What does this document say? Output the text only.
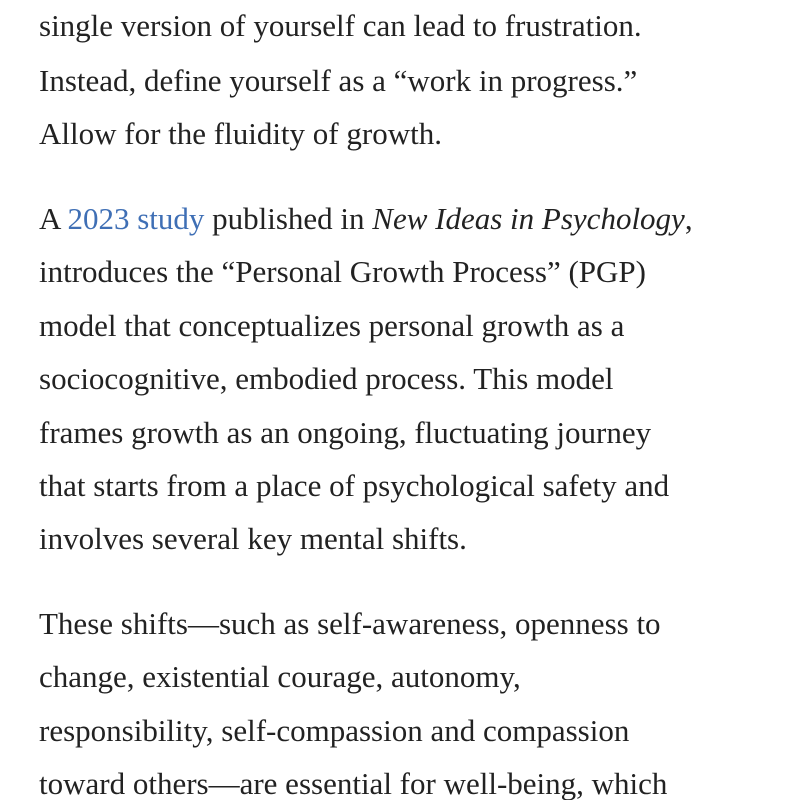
single version of yourself can lead to frustration.
Instead, define yourself as a “work in progress.”
Allow for the fluidity of growth.
A 2023 study published in New Ideas in Psychology,
introduces the “Personal Growth Process” (PGP)
model that conceptualizes personal growth as a
sociocognitive, embodied process. This model
frames growth as an ongoing, fluctuating journey
that starts from a place of psychological safety and
involves several key mental shifts.
These shifts—such as self-awareness, openness to
change, existential courage, autonomy,
responsibility, self-compassion and compassion
toward others—are essential for well-being, which
